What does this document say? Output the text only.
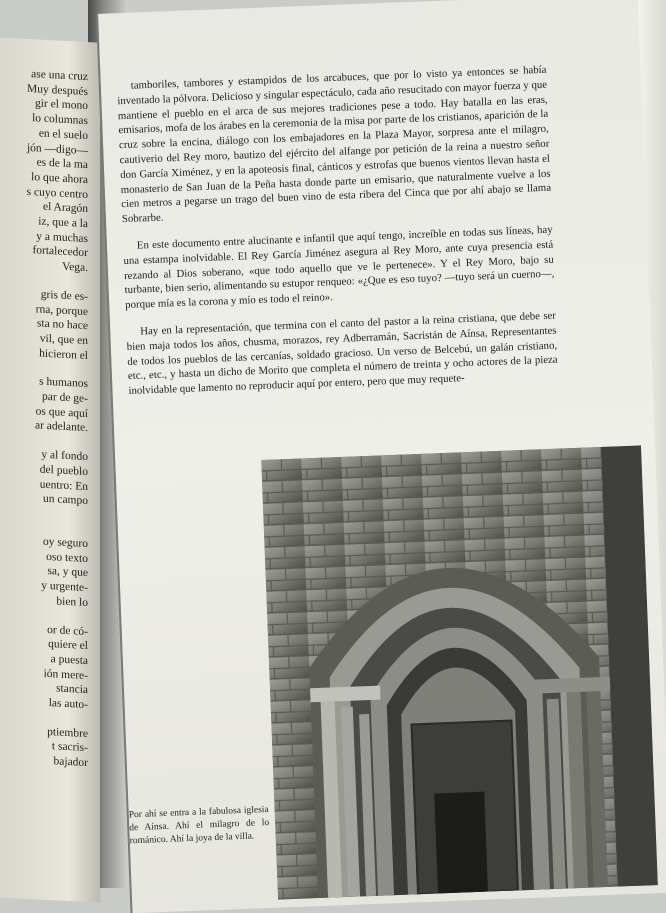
ase una cruz
Muy después
gir el mono
lo columnas
en el suelo
jón —digo—
es de la ma
lo que ahora
s cuyo centro
el Aragón
iz, que a la
y a muchas
fortalecedor
Vega.
gris de es-
rna, porque
sta no hace
vil, que en
hicieron el
s humanos
par de ge-
os que aquí
ar adelante.
y al fondo
del pueblo
uentro: En
un campo
oy seguro
oso texto
sa, y que
y urgente-
bien lo
or de có-
quiere el
a puesta
ión mere-
stancia
las auto-
ptiembre
t sacris-
bajador

tamboriles, tambores y estampidos de los arcabuces, que por lo visto ya entonces se había inventado la pólvora. Delicioso y singular espectáculo, cada año resucitado con mayor fuerza y que mantiene el pueblo en el arca de sus mejores tradiciones pese a todo. Hay batalla en las eras, emisarios, mofa de los árabes en la ceremonia de la misa por parte de los cristianos, aparición de la cruz sobre la encina, diálogo con los embajadores en la Plaza Mayor, sorpresa ante el milagro, cautiverio del Rey moro, bautizo del ejército del alfange por petición de la reina a nuestro señor don García Ximénez, y en la apoteosis final, cánticos y estrofas que buenos vientos llevan hasta el monasterio de San Juan de la Peña hasta donde parte un emisario, que naturalmente vuelve a los cien metros a pegarse un trago del buen vino de esta ribera del Cinca que por ahí abajo se llama Sobrarbe.

En este documento entre alucinante e infantil que aquí tengo, increíble en todas sus líneas, hay una estampa inolvidable. El Rey García Jiménez asegura al Rey Moro, ante cuya presencia está rezando al Dios soberano, «que todo aquello que ve le pertenece». Y el Rey Moro, bajo su turbante, bien serio, alimentando su estupor renqueo: «¿Que es eso tuyo? —tuyo será un cuerno—, porque mía es la corona y mío es todo el reino».

Hay en la representación, que termina con el canto del pastor a la reina cristiana, que debe ser bien maja todos los años, chusma, morazos, rey Adberramán, Sacristán de Aínsa, Representantes de todos los pueblos de las cercanías, soldado gracioso. Un verso de Belcebú, un galán cristiano, etc., etc., y hasta un dicho de Morito que completa el número de treinta y ocho actores de la pieza inolvidable que lamento no reproducir aquí por entero, pero que muy requete-

Por ahí se entra a la fabulosa iglesia de Aínsa. Ahí el milagro de lo románico. Ahí la joya de la villa.
